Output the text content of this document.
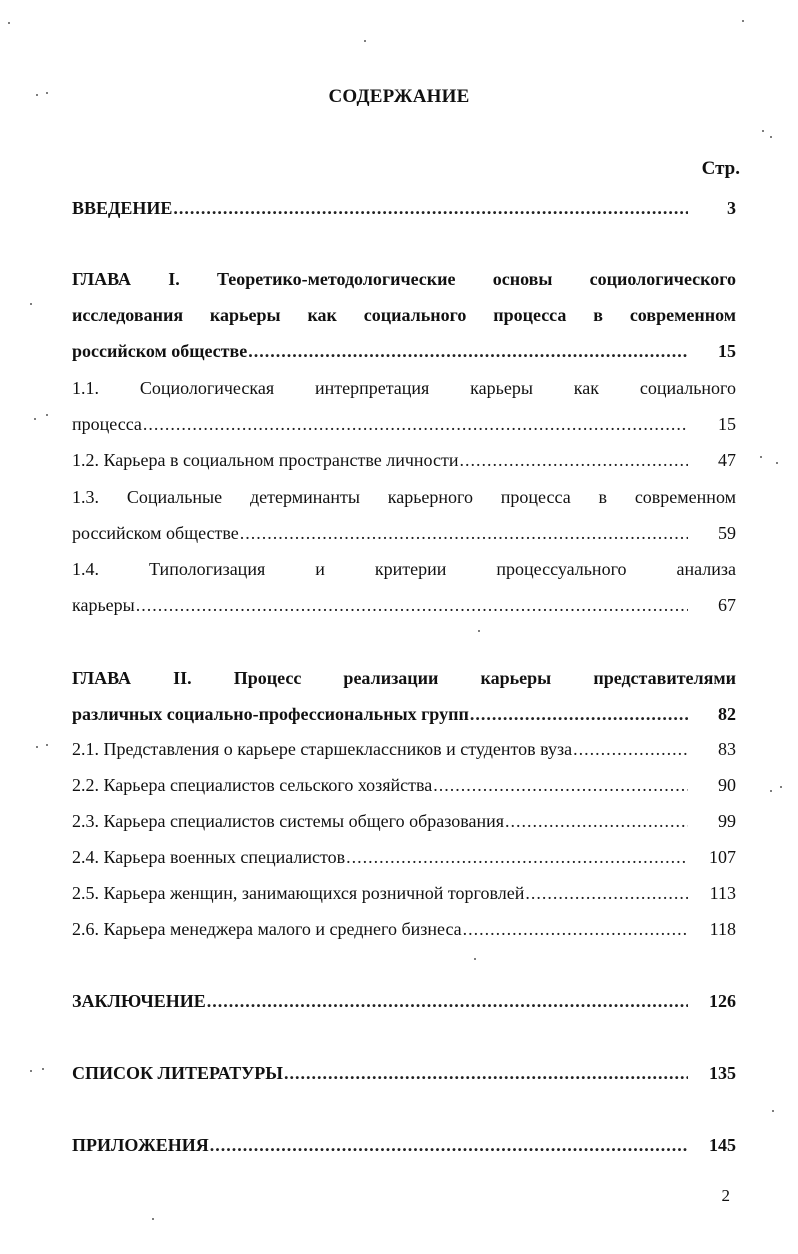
СОДЕРЖАНИЕ
Стр.
ВВЕДЕНИЕ .....	3
ГЛАВА I. Теоретико-методологические основы социологического
исследования карьеры как социального процесса в современном
российском обществе .....	15
1.1. Социологическая интерпретация карьеры как социального
процесса .....	15
1.2. Карьера в социальном пространстве личности .....	47
1.3. Социальные детерминанты карьерного процесса в современном
российском обществе .....	59
1.4. Типологизация и критерии процессуального анализа
карьеры .....	67
ГЛАВА II. Процесс реализации карьеры представителями
различных социально-профессиональных групп .....	82
2.1. Представления о карьере старшеклассников и студентов вуза .....	83
2.2. Карьера специалистов сельского хозяйства .....	90
2.3. Карьера специалистов системы общего образования .....	99
2.4. Карьера военных специалистов .....	107
2.5. Карьера женщин, занимающихся розничной торговлей .....	113
2.6. Карьера менеджера малого и среднего бизнеса .....	118
ЗАКЛЮЧЕНИЕ .....	126
СПИСОК ЛИТЕРАТУРЫ .....	135
ПРИЛОЖЕНИЯ .....	145
2
